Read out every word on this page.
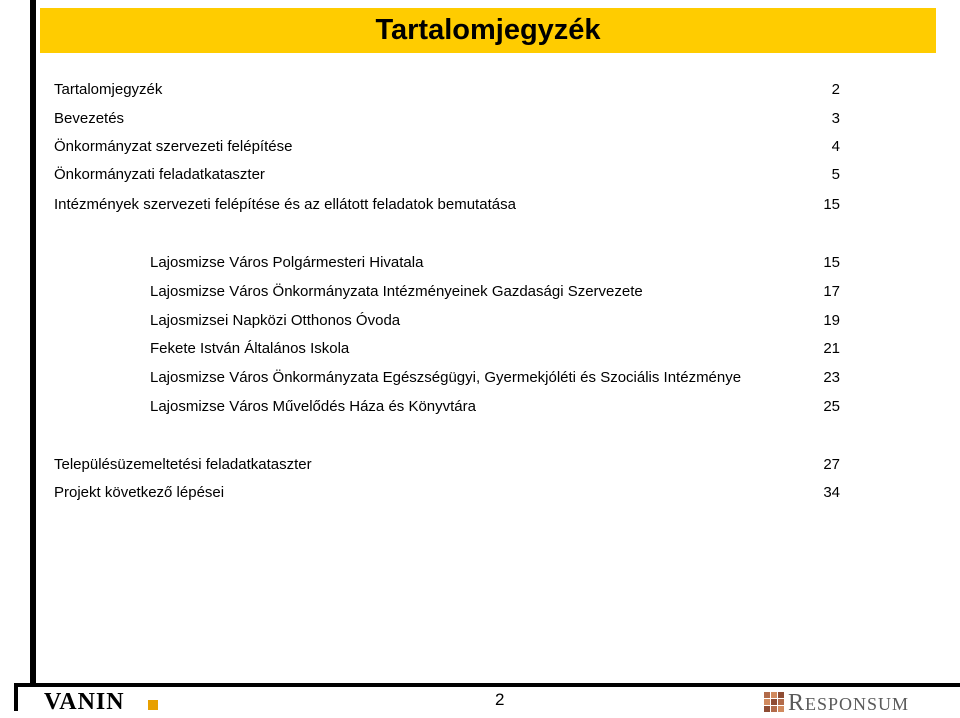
Tartalomjegyzék
Tartalomjegyzék	2
Bevezetés	3
Önkormányzat szervezeti felépítése	4
Önkormányzati feladatkataszter	5
Intézmények szervezeti felépítése és az ellátott feladatok bemutatása	15
Lajosmizse Város Polgármesteri Hivatala	15
Lajosmizse Város Önkormányzata Intézményeinek Gazdasági Szervezete	17
Lajosmizsei Napközi Otthonos Óvoda	19
Fekete István Általános Iskola	21
Lajosmizse Város Önkormányzata Egészségügyi, Gyermekjóléti és Szociális Intézménye	23
Lajosmizse Város Művelődés Háza és Könyvtára	25
Településüzemeltetési feladatkataszter	27
Projekt következő lépései	34
VANIN	2	RESPONSUM
